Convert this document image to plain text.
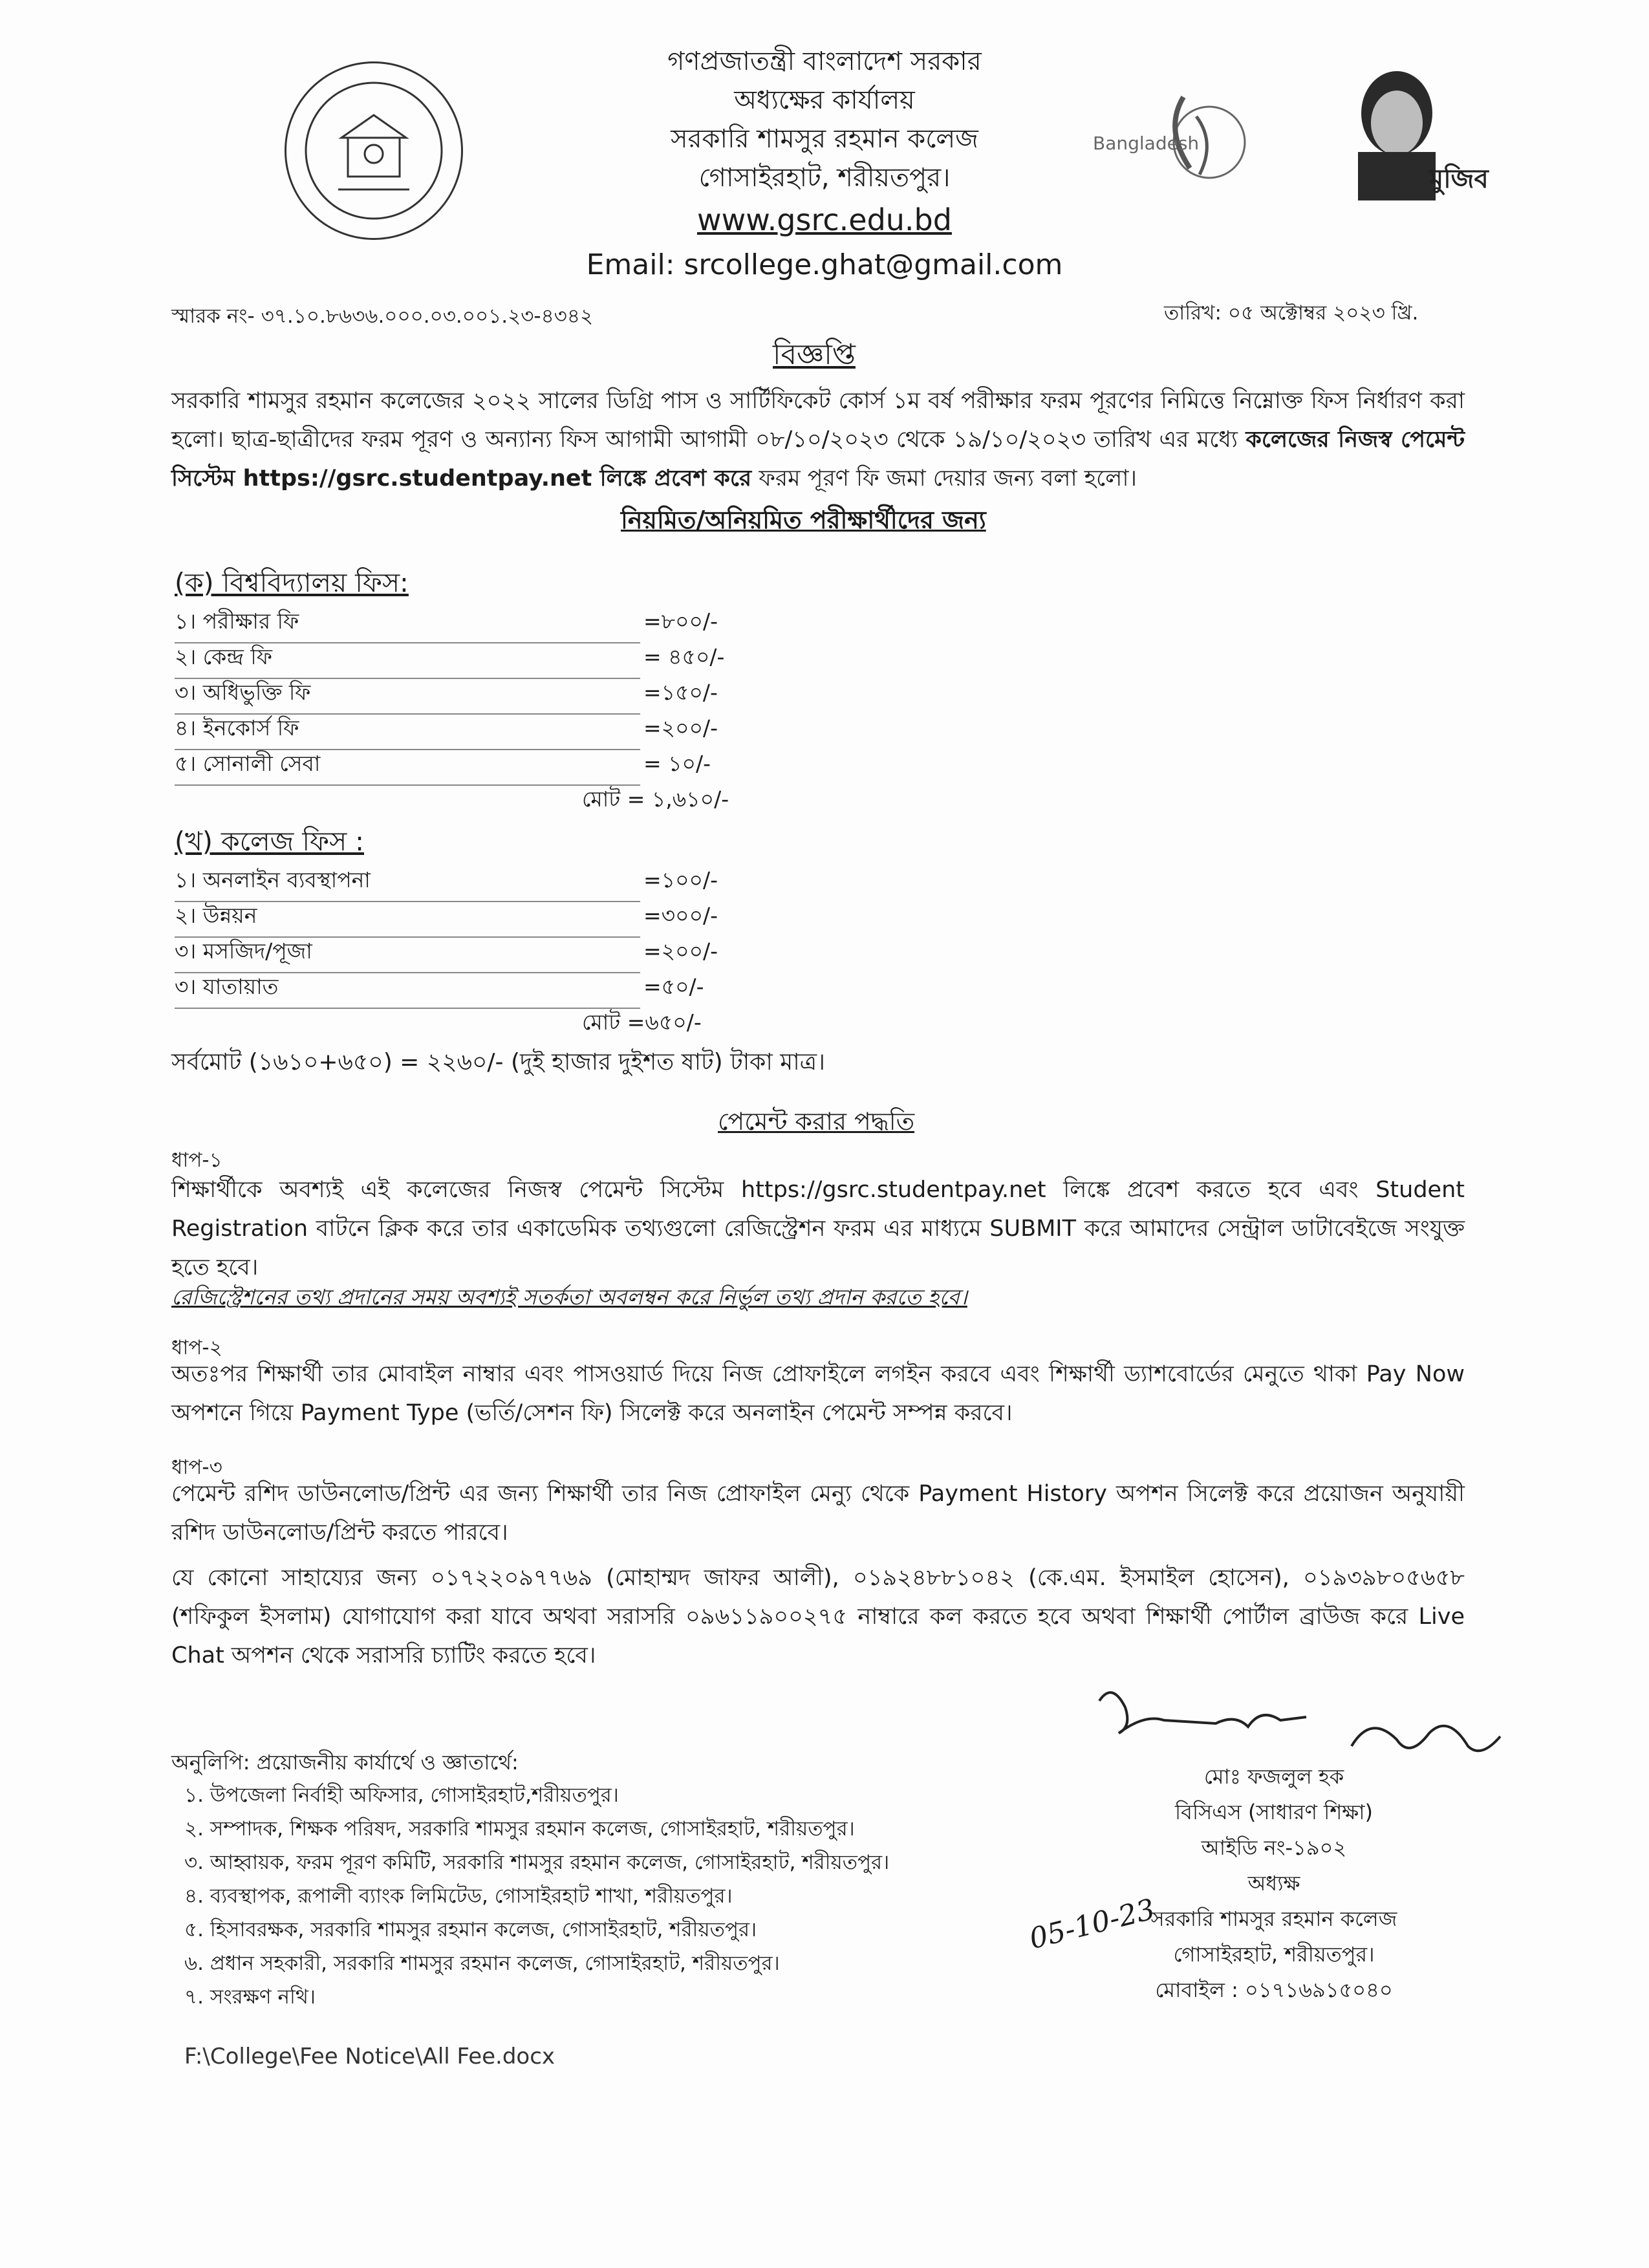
Bangladesh
মুজিব
গণপ্রজাতন্ত্রী বাংলাদেশ সরকার
অধ্যক্ষের কার্যালয়
সরকারি শামসুর রহমান কলেজ
গোসাইরহাট, শরীয়তপুর।
www.gsrc.edu.bd
Email: srcollege.ghat@gmail.com
স্মারক নং- ৩৭.১০.৮৬৩৬.০০০.০৩.০০১.২৩-৪৩৪২	তারিখ: ০৫ অক্টোম্বর ২০২৩ খ্রি.
বিজ্ঞপ্তি
সরকারি শামসুর রহমান কলেজের ২০২২ সালের ডিগ্রি পাস ও সার্টিফিকেট কোর্স ১ম বর্ষ পরীক্ষার ফরম পূরণের নিমিত্তে নিম্নোক্ত ফিস নির্ধারণ করা হলো। ছাত্র-ছাত্রীদের ফরম পূরণ ও অন্যান্য ফিস আগামী আগামী ০৮/১০/২০২৩ থেকে ১৯/১০/২০২৩ তারিখ এর মধ্যে কলেজের নিজস্ব পেমেন্ট সিস্টেম https://gsrc.studentpay.net লিঙ্কে প্রবেশ করে ফরম পূরণ ফি জমা দেয়ার জন্য বলা হলো।
নিয়মিত/অনিয়মিত পরীক্ষার্থীদের জন্য
(ক) বিশ্ববিদ্যালয় ফিস:
১। পরীক্ষার ফি	=৮০০/-
২। কেন্দ্র ফি	= ৪৫০/-
৩। অধিভুক্তি ফি	=১৫০/-
৪। ইনকোর্স ফি	=২০০/-
৫। সোনালী সেবা	= ১০/-
মোট = ১,৬১০/-
(খ) কলেজ ফিস :
১। অনলাইন ব্যবস্থাপনা	=১০০/-
২। উন্নয়ন	=৩০০/-
৩। মসজিদ/পূজা	=২০০/-
৩। যাতায়াত	=৫০/-
মোট =৬৫০/-
সর্বমোট (১৬১০+৬৫০) = ২২৬০/- (দুই হাজার দুইশত ষাট) টাকা মাত্র।
পেমেন্ট করার পদ্ধতি
ধাপ-১
শিক্ষার্থীকে অবশ্যই এই কলেজের নিজস্ব পেমেন্ট সিস্টেম https://gsrc.studentpay.net লিঙ্কে প্রবেশ করতে হবে এবং Student Registration বাটনে ক্লিক করে তার একাডেমিক তথ্যগুলো রেজিস্ট্রেশন ফরম এর মাধ্যমে SUBMIT করে আমাদের সেন্ট্রাল ডাটাবেইজে সংযুক্ত হতে হবে।
রেজিস্ট্রেশনের তথ্য প্রদানের সময় অবশ্যই সতর্কতা অবলম্বন করে নির্ভুল তথ্য প্রদান করতে হবে।
ধাপ-২
অতঃপর শিক্ষার্থী তার মোবাইল নাম্বার এবং পাসওয়ার্ড দিয়ে নিজ প্রোফাইলে লগইন করবে এবং শিক্ষার্থী ড্যাশবোর্ডের মেনুতে থাকা Pay Now অপশনে গিয়ে Payment Type (ভর্তি/সেশন ফি) সিলেক্ট করে অনলাইন পেমেন্ট সম্পন্ন করবে।
ধাপ-৩
পেমেন্ট রশিদ ডাউনলোড/প্রিন্ট এর জন্য শিক্ষার্থী তার নিজ প্রোফাইল মেন্যু থেকে Payment History অপশন সিলেক্ট করে প্রয়োজন অনুযায়ী রশিদ ডাউনলোড/প্রিন্ট করতে পারবে।
যে কোনো সাহায্যের জন্য ০১৭২২০৯৭৭৬৯ (মোহাম্মদ জাফর আলী), ০১৯২৪৮৮১০৪২ (কে.এম. ইসমাইল হোসেন), ০১৯৩৯৮০৫৬৫৮ (শফিকুল ইসলাম) যোগাযোগ করা যাবে অথবা সরাসরি ০৯৬১১৯০০২৭৫ নাম্বারে কল করতে হবে অথবা শিক্ষার্থী পোর্টাল ব্রাউজ করে Live Chat অপশন থেকে সরাসরি চ্যাটিং করতে হবে।
মোঃ ফজলুল হক
বিসিএস (সাধারণ শিক্ষা)
আইডি নং-১৯০২
অধ্যক্ষ
সরকারি শামসুর রহমান কলেজ
গোসাইরহাট, শরীয়তপুর।
মোবাইল : ০১৭১৬৯১৫০৪০
05-10-23
অনুলিপি: প্রয়োজনীয় কার্যার্থে ও জ্ঞাতার্থে:
১. উপজেলা নির্বাহী অফিসার, গোসাইরহাট,শরীয়তপুর।
২. সম্পাদক, শিক্ষক পরিষদ, সরকারি শামসুর রহমান কলেজ, গোসাইরহাট, শরীয়তপুর।
৩. আহ্বায়ক, ফরম পূরণ কমিটি, সরকারি শামসুর রহমান কলেজ, গোসাইরহাট, শরীয়তপুর।
৪. ব্যবস্থাপক, রূপালী ব্যাংক লিমিটেড, গোসাইরহাট শাখা, শরীয়তপুর।
৫. হিসাবরক্ষক, সরকারি শামসুর রহমান কলেজ, গোসাইরহাট, শরীয়তপুর।
৬. প্রধান সহকারী, সরকারি শামসুর রহমান কলেজ, গোসাইরহাট, শরীয়তপুর।
৭. সংরক্ষণ নথি।
F:\College\Fee Notice\All Fee.docx
